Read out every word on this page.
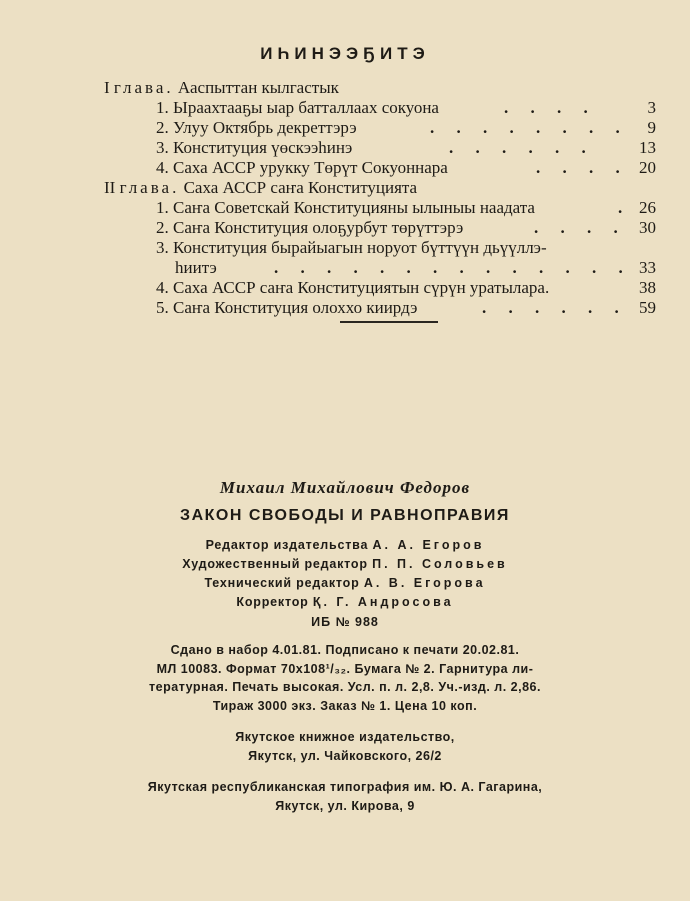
ИҺИНЭЭҔИТЭ
I глава. Ааспыттан кылгастык
1. Ыраахтааҕы ыар батталлаах сокуона	. . . .	3
2. Улуу Октябрь декреттэрэ	. . . . . . . . 9
3. Конституция үөскээһинэ	. . . . . .	13
4. Саха АССР урукку Төрүт Сокуоннара	. . . . 20
II глава. Саха АССР саҥа Конституцията
1. Саҥа Советскай Конституцияны ылыныы наадата	. 26
2. Саҥа Конституция олоҕурбут төрүттэрэ	. . . . 30
3. Конституция бырайыагын норуот бүттүүн дьүүллэ-
һиитэ	. . . . . . . . . . . . . . 33
4. Саха АССР саҥа Конституциятын сүрүн уратылара.	38
5. Саҥа Конституция олоххо киирдэ	. . . . . . 59
Михаил Михайлович Федоров
ЗАКОН СВОБОДЫ И РАВНОПРАВИЯ
Редактор издательства А. А. Егоров
Художественный редактор П. П. Соловьев
Технический редактор А. В. Егорова
Корректор Қ. Г. Андросова
ИБ № 988
Сдано в набор 4.01.81. Подписано к печати 20.02.81.
МЛ 10083. Формат 70х108¹/₃₂. Бумага № 2. Гарнитура ли-
тературная. Печать высокая. Усл. п. л. 2,8. Уч.-изд. л. 2,86.
Тираж 3000 экз. Заказ № 1. Цена 10 коп.
Якутское книжное издательство,
Якутск, ул. Чайковского, 26/2
Якутская республиканская типография им. Ю. А. Гагарина,
Якутск, ул. Кирова, 9
